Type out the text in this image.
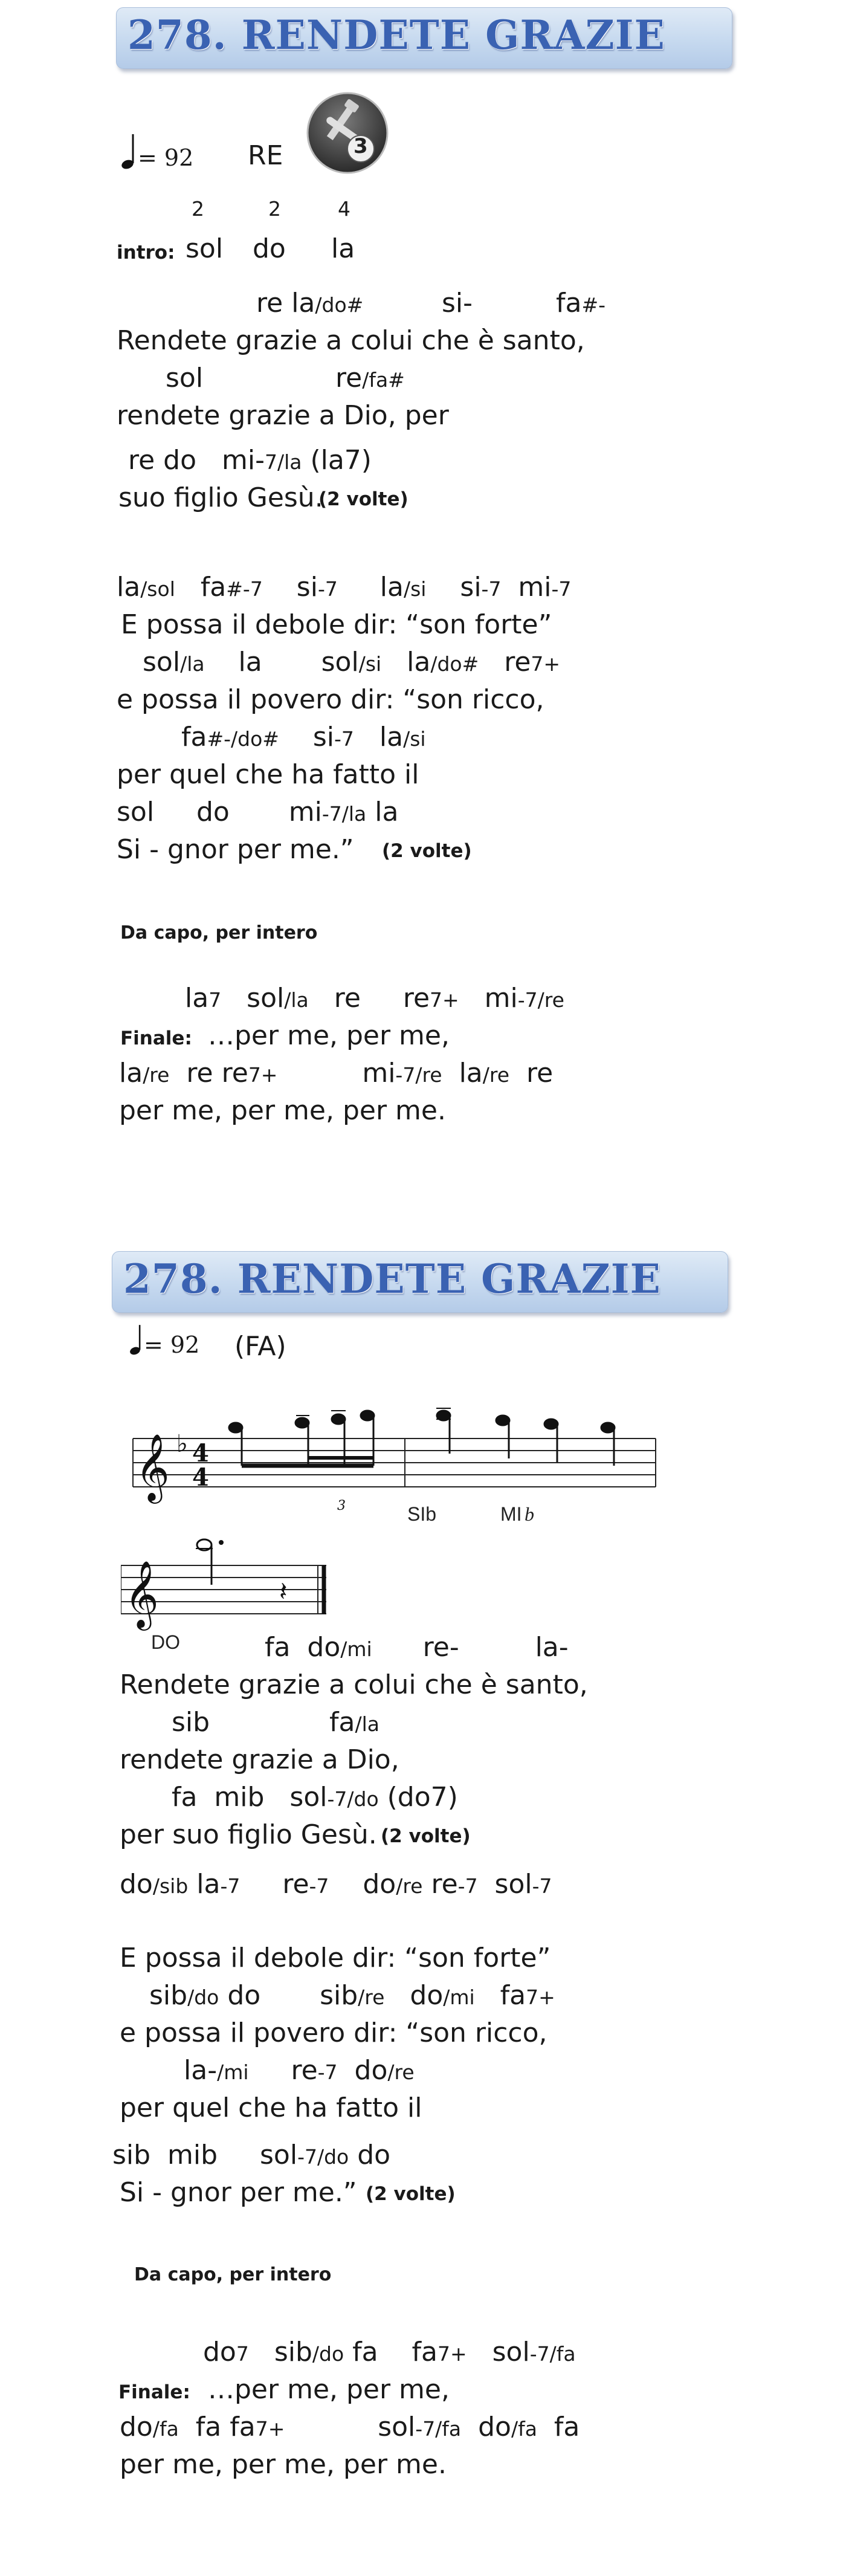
278. RENDETE GRAZIE
= 92 RE	3
2	2	4
intro: sol do la
re la/do#	si-	fa#-
Rendete grazie a colui che è santo,
sol	re/fa#
rendete grazie a Dio, per
re do   mi-7/la (la7)
suo figlio Gesù.
(2 volte)
la/sol   fa#-7    si-7     la/si    si-7  mi-7
E possa il debole dir: “son forte”
sol/la    la       sol/si   la/do#   re7+
e possa il povero dir: “son ricco,
fa#-/do#    si-7   la/si
per quel che ha fatto il
sol     do       mi-7/la la
Si - gnor per me.” (2 volte)
Da capo, per intero
la7   sol/la   re     re7+   mi-7/re
Finale: …per me, per me,
la/re  re re7+          mi-7/re  la/re  re
per me, per me, per me.
278. RENDETE GRAZIE
= 92 (FA)
𝄞 ♭ 4
4
3	SIb	MI b
𝄞	𝄽
DO	fa  do/mi      re-         la-
Rendete grazie a colui che è santo,
sib	fa/la
rendete grazie a Dio,
fa  mib   sol-7/do (do7)
per suo figlio Gesù. (2 volte)
do/sib la-7     re-7    do/re re-7  sol-7
E possa il debole dir: “son forte”
sib/do do       sib/re   do/mi   fa7+
e possa il povero dir: “son ricco,
la-/mi     re-7  do/re
per quel che ha fatto il
sib  mib     sol-7/do do
Si - gnor per me.” (2 volte)
Da capo, per intero
do7   sib/do fa    fa7+   sol-7/fa
Finale: …per me, per me,
do/fa  fa fa7+           sol-7/fa  do/fa  fa
per me, per me, per me.
